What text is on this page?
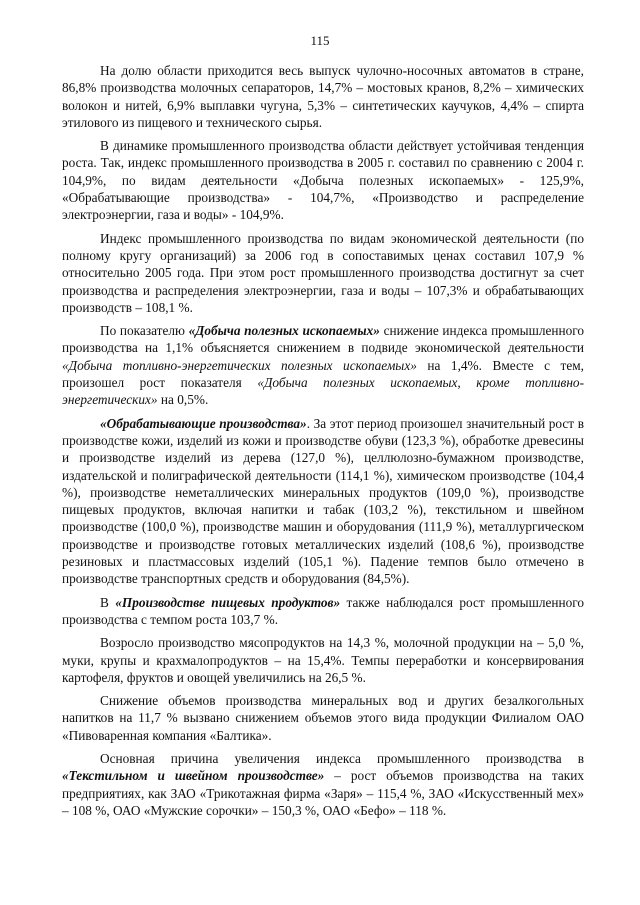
115

На долю области приходится весь выпуск чулочно-носочных автоматов в стране, 86,8% производства молочных сепараторов, 14,7% – мостовых кранов, 8,2% – химических волокон и нитей, 6,9% выплавки чугуна, 5,3% – синтетических каучуков, 4,4% – спирта этилового из пищевого и технического сырья.

В динамике промышленного производства области действует устойчивая тенденция роста. Так, индекс промышленного производства в 2005 г. составил по сравнению с 2004 г. 104,9%, по видам деятельности «Добыча полезных ископаемых» - 125,9%, «Обрабатывающие производства» - 104,7%, «Производство и распределение электроэнергии, газа и воды» - 104,9%.

Индекс промышленного производства по видам экономической деятельности (по полному кругу организаций) за 2006 год в сопоставимых ценах составил 107,9 % относительно 2005 года. При этом рост промышленного производства достигнут за счет производства и распределения электроэнергии, газа и воды – 107,3% и обрабатывающих производств – 108,1 %.

По показателю «Добыча полезных ископаемых» снижение индекса промышленного производства на 1,1% объясняется снижением в подвиде экономической деятельности «Добыча топливно-энергетических полезных ископаемых» на 1,4%. Вместе с тем, произошел рост показателя «Добыча полезных ископаемых, кроме топливно-энергетических» на 0,5%.

«Обрабатывающие производства». За этот период произошел значительный рост в производстве кожи, изделий из кожи и производстве обуви (123,3 %), обработке древесины и производстве изделий из дерева (127,0 %), целлюлозно-бумажном производстве, издательской и полиграфической деятельности (114,1 %), химическом производстве (104,4 %), производстве неметаллических минеральных продуктов (109,0 %), производстве пищевых продуктов, включая напитки и табак (103,2 %), текстильном и швейном производстве (100,0 %), производстве машин и оборудования (111,9 %), металлургическом производстве и производстве готовых металлических изделий (108,6 %), производстве резиновых и пластмассовых изделий (105,1 %). Падение темпов было отмечено в производстве транспортных средств и оборудования (84,5%).

В «Производстве пищевых продуктов» также наблюдался рост промышленного производства с темпом роста 103,7 %.

Возросло производство мясопродуктов на 14,3 %, молочной продукции на – 5,0 %, муки, крупы и крахмалопродуктов – на 15,4%. Темпы переработки и консервирования картофеля, фруктов и овощей увеличились на 26,5 %.

Снижение объемов производства минеральных вод и других безалкогольных напитков на 11,7 % вызвано снижением объемов этого вида продукции Филиалом ОАО «Пивоваренная компания «Балтика».

Основная причина увеличения индекса промышленного производства в «Текстильном и швейном производстве» – рост объемов производства на таких предприятиях, как ЗАО «Трикотажная фирма «Заря» – 115,4 %, ЗАО «Искусственный мех» – 108 %, ОАО «Мужские сорочки» – 150,3 %, ОАО «Бефо» – 118 %.
